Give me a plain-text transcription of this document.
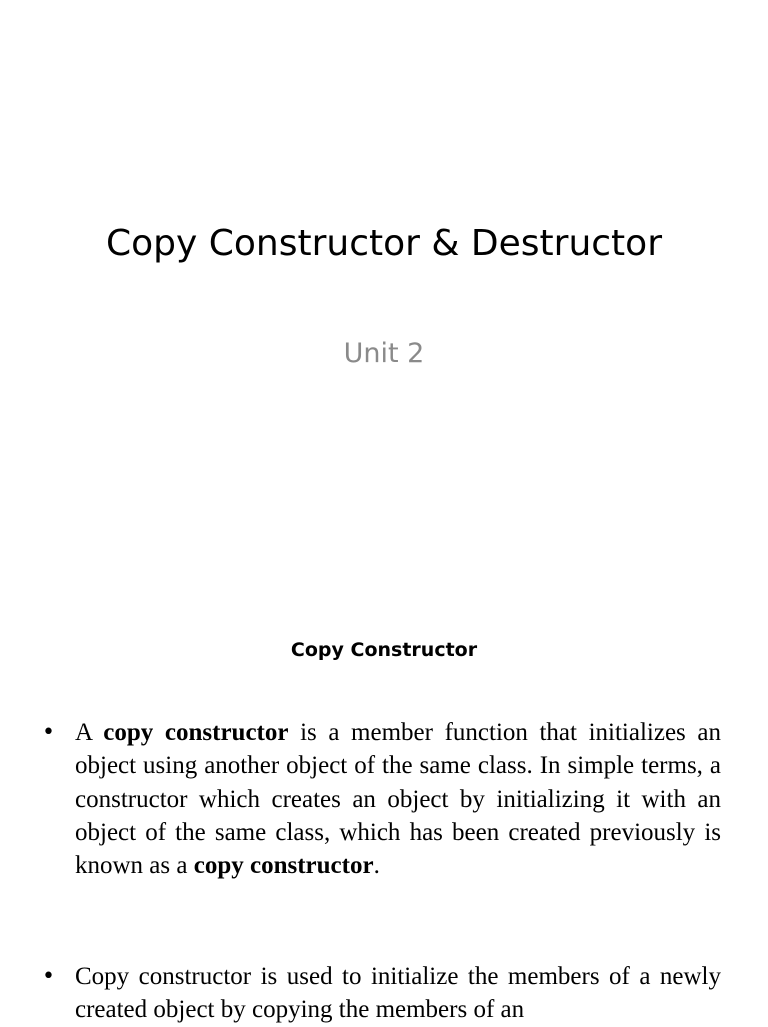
Copy Constructor & Destructor
Unit 2
Copy Constructor
• A copy constructor is a member function that initializes an object using another object of the same class. In simple terms, a constructor which creates an object by initializing it with an object of the same class, which has been created previously is known as a copy constructor.

• Copy constructor is used to initialize the members of a newly created object by copying the members of an
